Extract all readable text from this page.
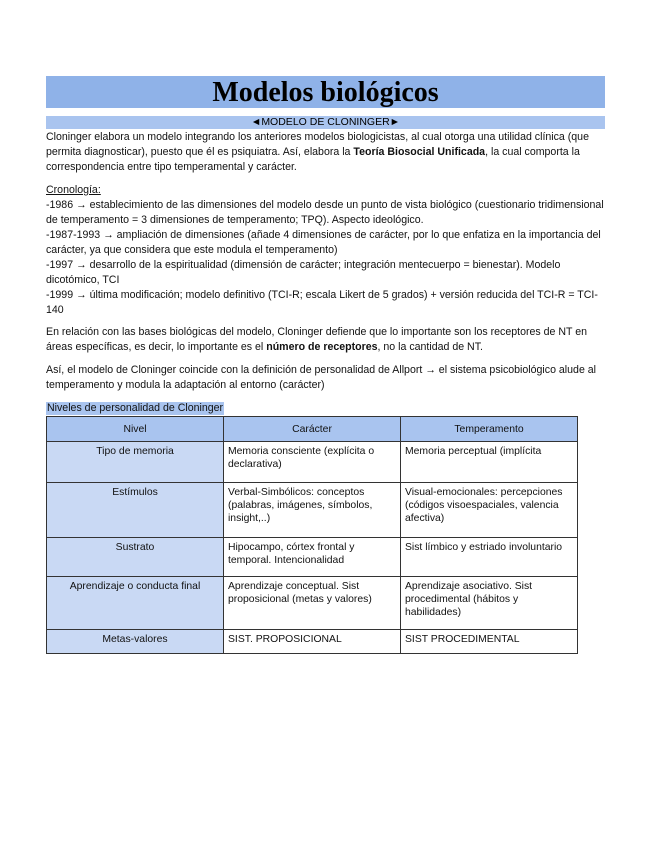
Modelos biológicos
◄MODELO DE CLONINGER►

Cloninger elabora un modelo integrando los anteriores modelos biologicistas, al cual otorga una utilidad clínica (que permita diagnosticar), puesto que él es psiquiatra. Así, elabora la Teoría Biosocial Unificada, la cual comporta la correspondencia entre tipo temperamental y carácter.

Cronología:

-1986 → establecimiento de las dimensiones del modelo desde un punto de vista biológico (cuestionario tridimensional de temperamento = 3 dimensiones de temperamento; TPQ). Aspecto ideológico.

-1987-1993 → ampliación de dimensiones (añade 4 dimensiones de carácter, por lo que enfatiza en la importancia del carácter, ya que considera que este modula el temperamento)

-1997 → desarrollo de la espiritualidad (dimensión de carácter; integración mentecuerpo = bienestar). Modelo dicotómico, TCI

-1999 → última modificación; modelo definitivo (TCI-R; escala Likert de 5 grados) + versión reducida del TCI-R = TCI-140

En relación con las bases biológicas del modelo, Cloninger defiende que lo importante son los receptores de NT en áreas específicas, es decir, lo importante es el número de receptores, no la cantidad de NT.

Así, el modelo de Cloninger coincide con la definición de personalidad de Allport → el sistema psicobiológico alude al temperamento y modula la adaptación al entorno (carácter)

Niveles de personalidad de Cloninger
Nivel	Carácter	Temperamento
Tipo de memoria	Memoria consciente (explícita o declarativa)	Memoria perceptual (implícita
Estímulos	Verbal-Simbólicos: conceptos (palabras, imágenes, símbolos, insight,..)	Visual-emocionales: percepciones (códigos visoespaciales, valencia afectiva)
Sustrato	Hipocampo, córtex frontal y temporal. Intencionalidad	Sist límbico y estriado involuntario
Aprendizaje o conducta final	Aprendizaje conceptual. Sist proposicional (metas y valores)	Aprendizaje asociativo. Sist procedimental (hábitos y habilidades)
Metas-valores	SIST. PROPOSICIONAL	SIST PROCEDIMENTAL
